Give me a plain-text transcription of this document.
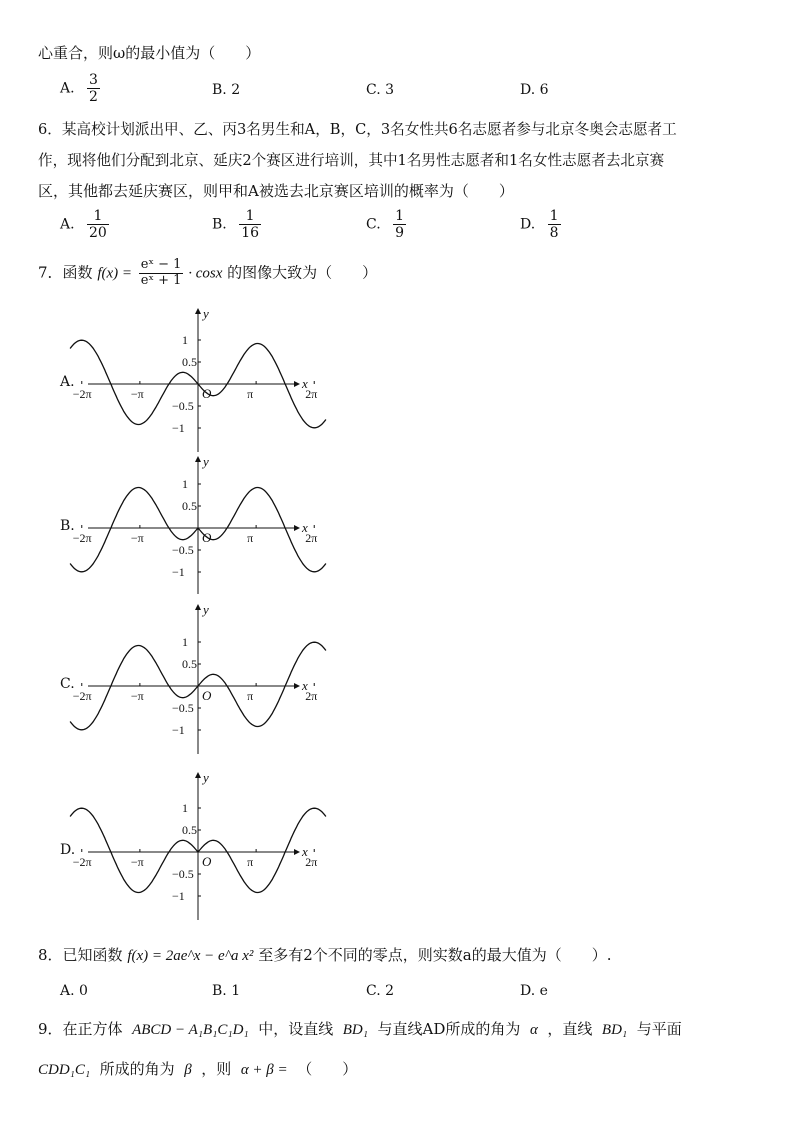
心重合，则ω的最小值为（　　）
A. $\frac{3}{2}$	B. 2	C. 3	D. 6
6．某高校计划派出甲、乙、丙3名男生和A，B，C，3名女性共6名志愿者参与北京冬奥会志愿者工
作，现将他们分配到北京、延庆2个赛区进行培训，其中1名男性志愿者和1名女性志愿者去北京赛
区，其他都去延庆赛区，则甲和A被选去北京赛区培训的概率为（　　）
A. $\frac{1}{20}$	B. $\frac{1}{16}$	C. $\frac{1}{9}$	D. $\frac{1}{8}$
7．函数 $f(x) = \frac{\text{eˣ − 1}}{\text{eˣ + 1}} \cdot \cos x$ 的图像大致为（　　）
A.	x
y
O
−2π	−π	π	2π
1
0.5
−0.5
−1
B.	x
y
O
−2π	−π	π	2π
1
0.5
−0.5
−1
C.	x
y
O
−2π	−π	π	2π
1
0.5
−0.5
−1
D.	x
y
O
−2π	−π	π	2π
1
0.5
−0.5
−1
8．已知函数 f(x) = 2ae^x − e^a x² 至多有2个不同的零点，则实数a的最大值为（　　）.
A. 0	B. 1	C. 2	D. e
9．在正方体 ABCD − A₁B₁C₁D₁ 中，设直线 BD₁ 与直线AD所成的角为 α ，直线 BD₁ 与平面
CDD₁C₁ 所成的角为 β ，则 α + β = （　　）
